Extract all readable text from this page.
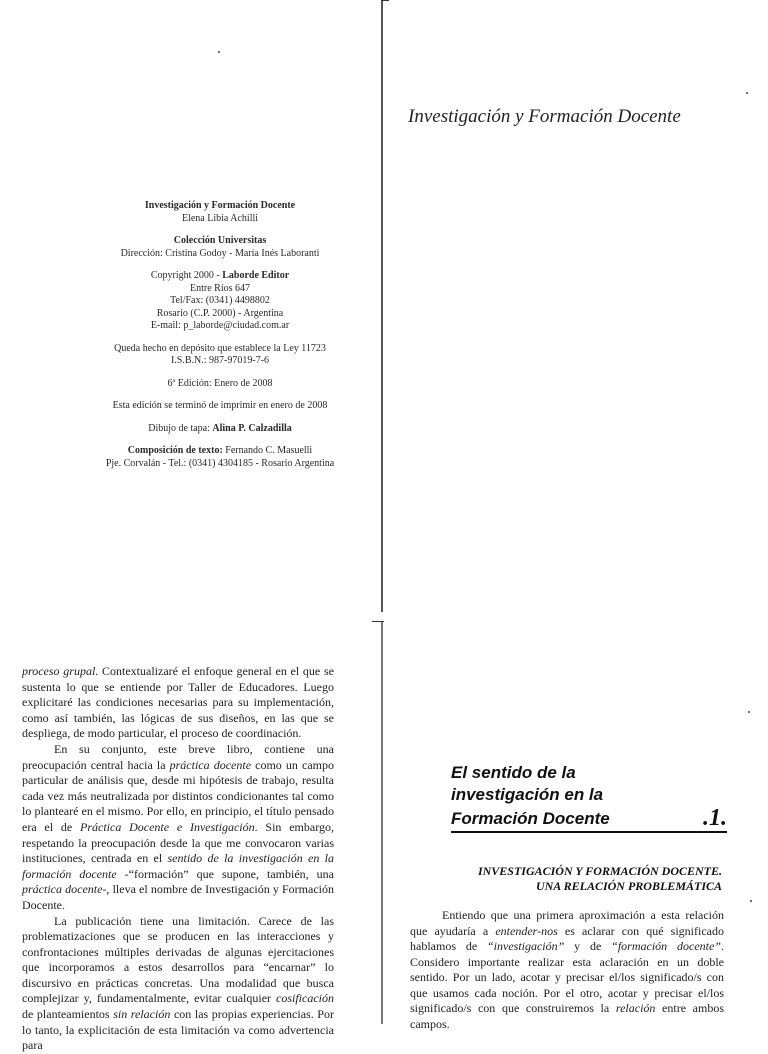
Investigación y Formación Docente
Elena Libia Achilli
Colección Universitas
Dirección: Cristina Godoy - María Inés Laboranti
Copyright 2000 - Laborde Editor
Entre Ríos 647
Tel/Fax: (0341) 4498802
Rosario (C.P. 2000) - Argentina
E-mail: p_laborde@ciudad.com.ar
Queda hecho en depósito que establece la Ley 11723
I.S.B.N.: 987-97019-7-6
6ª Edición: Enero de 2008
Esta edición se terminó de imprimir en enero de 2008
Dibujo de tapa: Alina P. Calzadilla
Composición de texto: Fernando C. Masuelli
Pje. Corvalán - Tel.: (0341) 4304185 - Rosario Argentina
Investigación y Formación Docente

proceso grupal. Contextualizaré el enfoque general en el que se sustenta lo que se entiende por Taller de Educadores. Luego explicitaré las condiciones necesarias para su implementación, como así también, las lógicas de sus diseños, en las que se despliega, de modo particular, el proceso de coordinación.

En su conjunto, este breve libro, contiene una preocupación central hacia la práctica docente como un campo particular de análisis que, desde mi hipótesis de trabajo, resulta cada vez más neutralizada por distintos condicionantes tal como lo plantearé en el mismo. Por ello, en principio, el título pensado era el de Práctica Docente e Investigación. Sin embargo, respetando la preocupación desde la que me convocaron varias instituciones, centrada en el sentido de la investigación en la formación docente -“formación” que supone, también, una práctica docente-, lleva el nombre de Investigación y Formación Docente.

La publicación tiene una limitación. Carece de las problematizaciones que se producen en las interacciones y confrontaciones múltiples derivadas de algunas ejercitaciones que incorporamos a estos desarrollos para “encarnar” lo discursivo en prácticas concretas. Una modalidad que busca complejizar y, fundamentalmente, evitar cualquier cosificación de planteamientos sin relación con las propias experiencias. Por lo tanto, la explicitación de esta limitación va como advertencia para

El sentido de la
investigación en la
Formación Docente	.1.
INVESTIGACIÓN Y FORMACIÓN DOCENTE.
UNA RELACIÓN PROBLEMÁTICA

Entiendo que una primera aproximación a esta relación que ayudaría a entender-nos es aclarar con qué significado hablamos de “investigación” y de “formación docente”. Considero importante realizar esta aclaración en un doble sentido. Por un lado, acotar y precisar el/los significado/s con que usamos cada noción. Por el otro, acotar y precisar el/los significado/s con que construiremos la relación entre ambos campos.
